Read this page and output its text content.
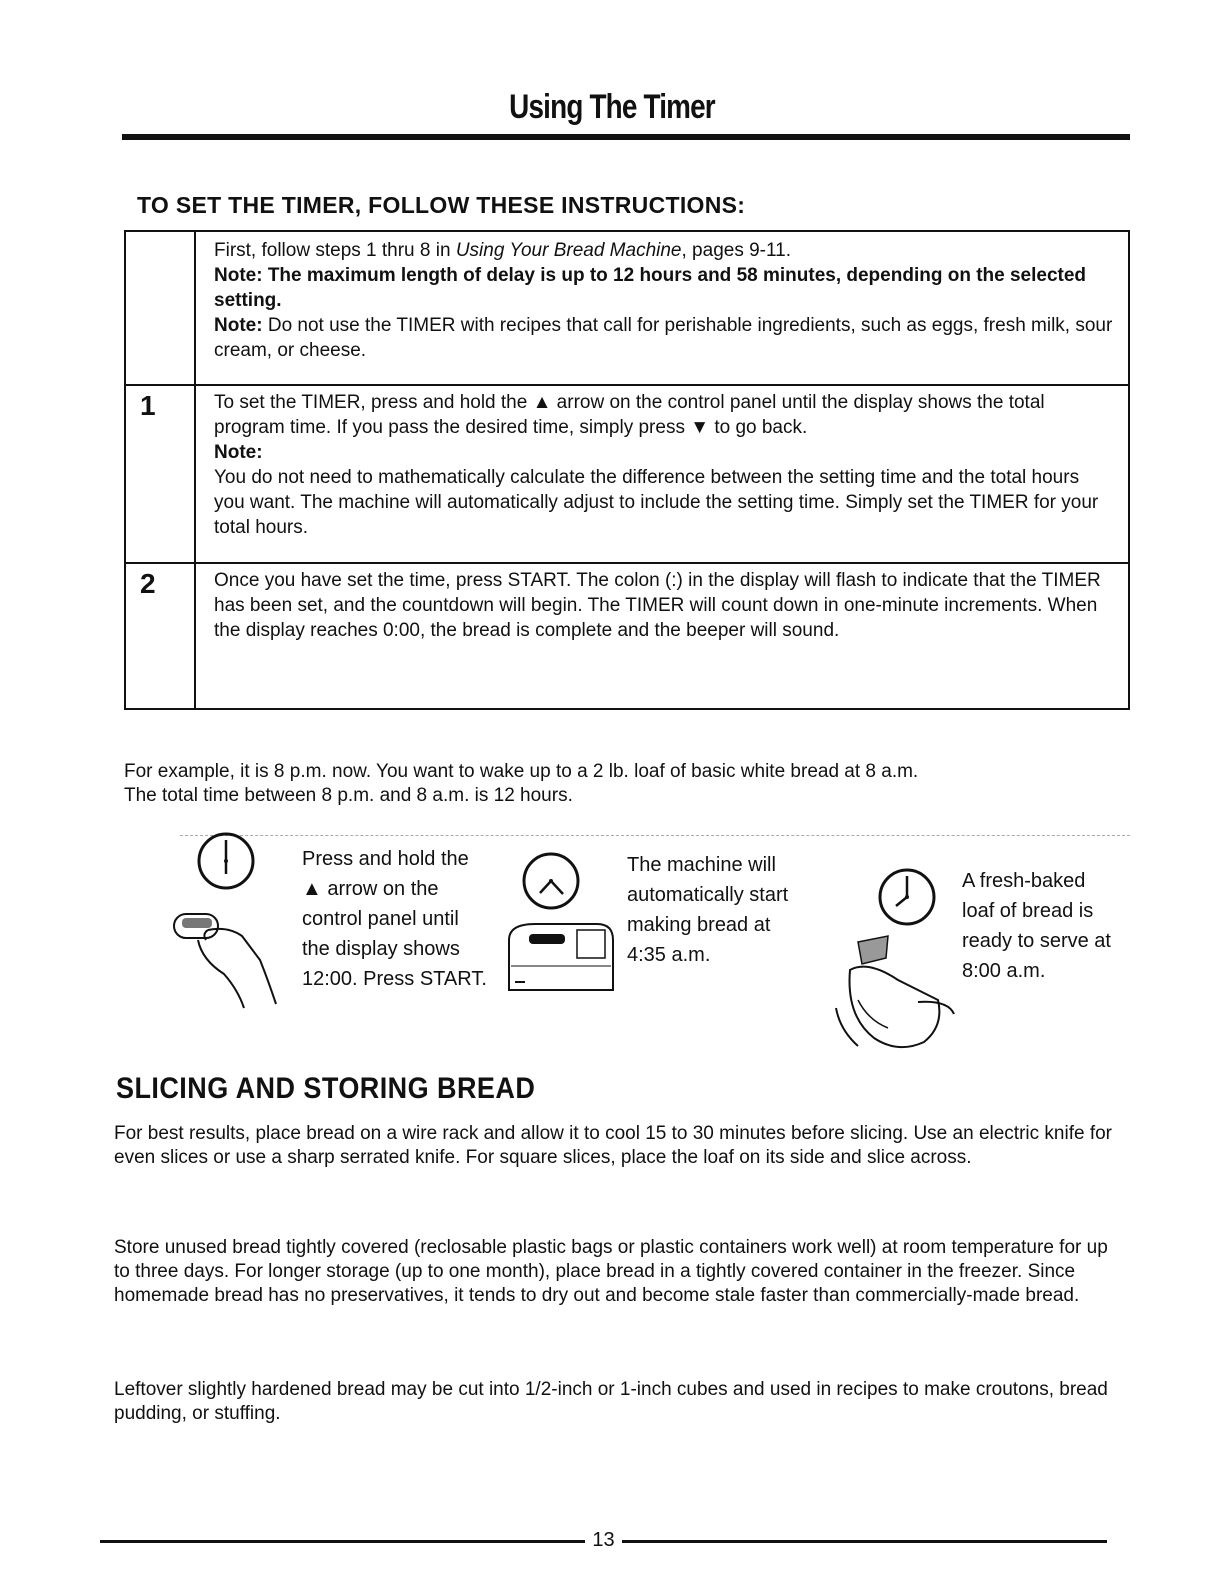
Using The Timer
TO SET THE TIMER, FOLLOW THESE INSTRUCTIONS:

First, follow steps 1 thru 8 in Using Your Bread Machine, pages 9-11.

Note: The maximum length of delay is up to 12 hours and 58 minutes, depending on the selected setting.

Note: Do not use the TIMER with recipes that call for perishable ingredients, such as eggs, fresh milk, sour cream, or cheese.

1	To set the TIMER, press and hold the ▲ arrow on the control panel until the display shows the total program time. If you pass the desired time, simply press ▼ to go back.

Note:

You do not need to mathematically calculate the difference between the setting time and the total hours you want. The machine will automatically adjust to include the setting time. Simply set the TIMER for your total hours.

2	Once you have set the time, press START. The colon (:) in the display will flash to indicate that the TIMER has been set, and the countdown will begin. The TIMER will count down in one-minute increments. When the display reaches 0:00, the bread is complete and the beeper will sound.

For example, it is 8 p.m. now. You want to wake up to a 2 lb. loaf of basic white bread at 8 a.m.

The total time between 8 p.m. and 8 a.m. is 12 hours.

Press and hold the
▲ arrow on the
control panel until
the display shows
12:00. Press START.
The machine will
automatically start
making bread at
4:35 a.m.
A fresh-baked
loaf of bread is
ready to serve at
8:00 a.m.
SLICING AND STORING BREAD

For best results, place bread on a wire rack and allow it to cool 15 to 30 minutes before slicing. Use an electric knife for even slices or use a sharp serrated knife. For square slices, place the loaf on its side and slice across.

Store unused bread tightly covered (reclosable plastic bags or plastic containers work well) at room temperature for up to three days. For longer storage (up to one month), place bread in a tightly covered container in the freezer. Since homemade bread has no preservatives, it tends to dry out and become stale faster than commercially-made bread.

Leftover slightly hardened bread may be cut into 1/2-inch or 1-inch cubes and used in recipes to make croutons, bread pudding, or stuffing.

13
